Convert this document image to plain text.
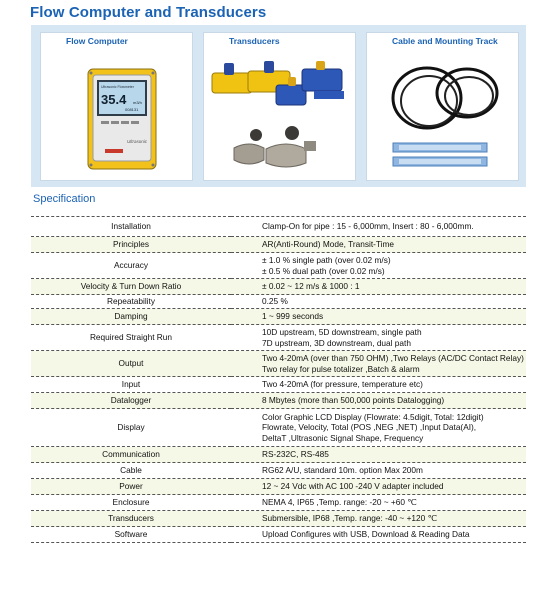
Flow Computer and Transducers
Ultrasonic Flowmeter
35.4 m3/h
008131
Ultrasonic
Flow Computer	Transducers	Cable and Mounting Track
Specification
Installation	Clamp-On for pipe : 15 - 6,000mm, Insert : 80 - 6,000mm.

Principles	AR(Anti-Round) Mode, Transit-Time

Accuracy	± 1.0 % single path (over 0.02 m/s)
± 0.5 % dual path (over 0.02 m/s)

Velocity & Turn Down Ratio	± 0.02 ~ 12 m/s & 1000 : 1

Repeatability	0.25 %

Damping	1 ~ 999 seconds

Required Straight Run	10D upstream, 5D downstream, single path
7D upstream, 3D downstream, dual path

Output	Two 4-20mA (over than 750 OHM) ,Two Relays (AC/DC Contact Relay)
Two relay for pulse totalizer ,Batch & alarm

Input	Two 4-20mA (for pressure, temperature etc)

Datalogger	8 Mbytes (more than 500,000 points Datalogging)

Display	Color Graphic LCD Display (Flowrate: 4.5digit, Total: 12digit)
Flowrate, Velocity, Total (POS ,NEG ,NET) ,Input Data(AI),
DeltaT ,Ultrasonic Signal Shape, Frequency

Communication	RS-232C, RS-485

Cable	RG62 A/U, standard 10m. option Max 200m

Power	12 ~ 24 Vdc with AC 100 -240 V adapter included

Enclosure	NEMA 4, IP65 ,Temp. range: -20 ~ +60 ℃

Transducers	Submersible, IP68 ,Temp. range: -40 ~ +120 ℃

Software	Upload Configures with USB, Download & Reading Data
